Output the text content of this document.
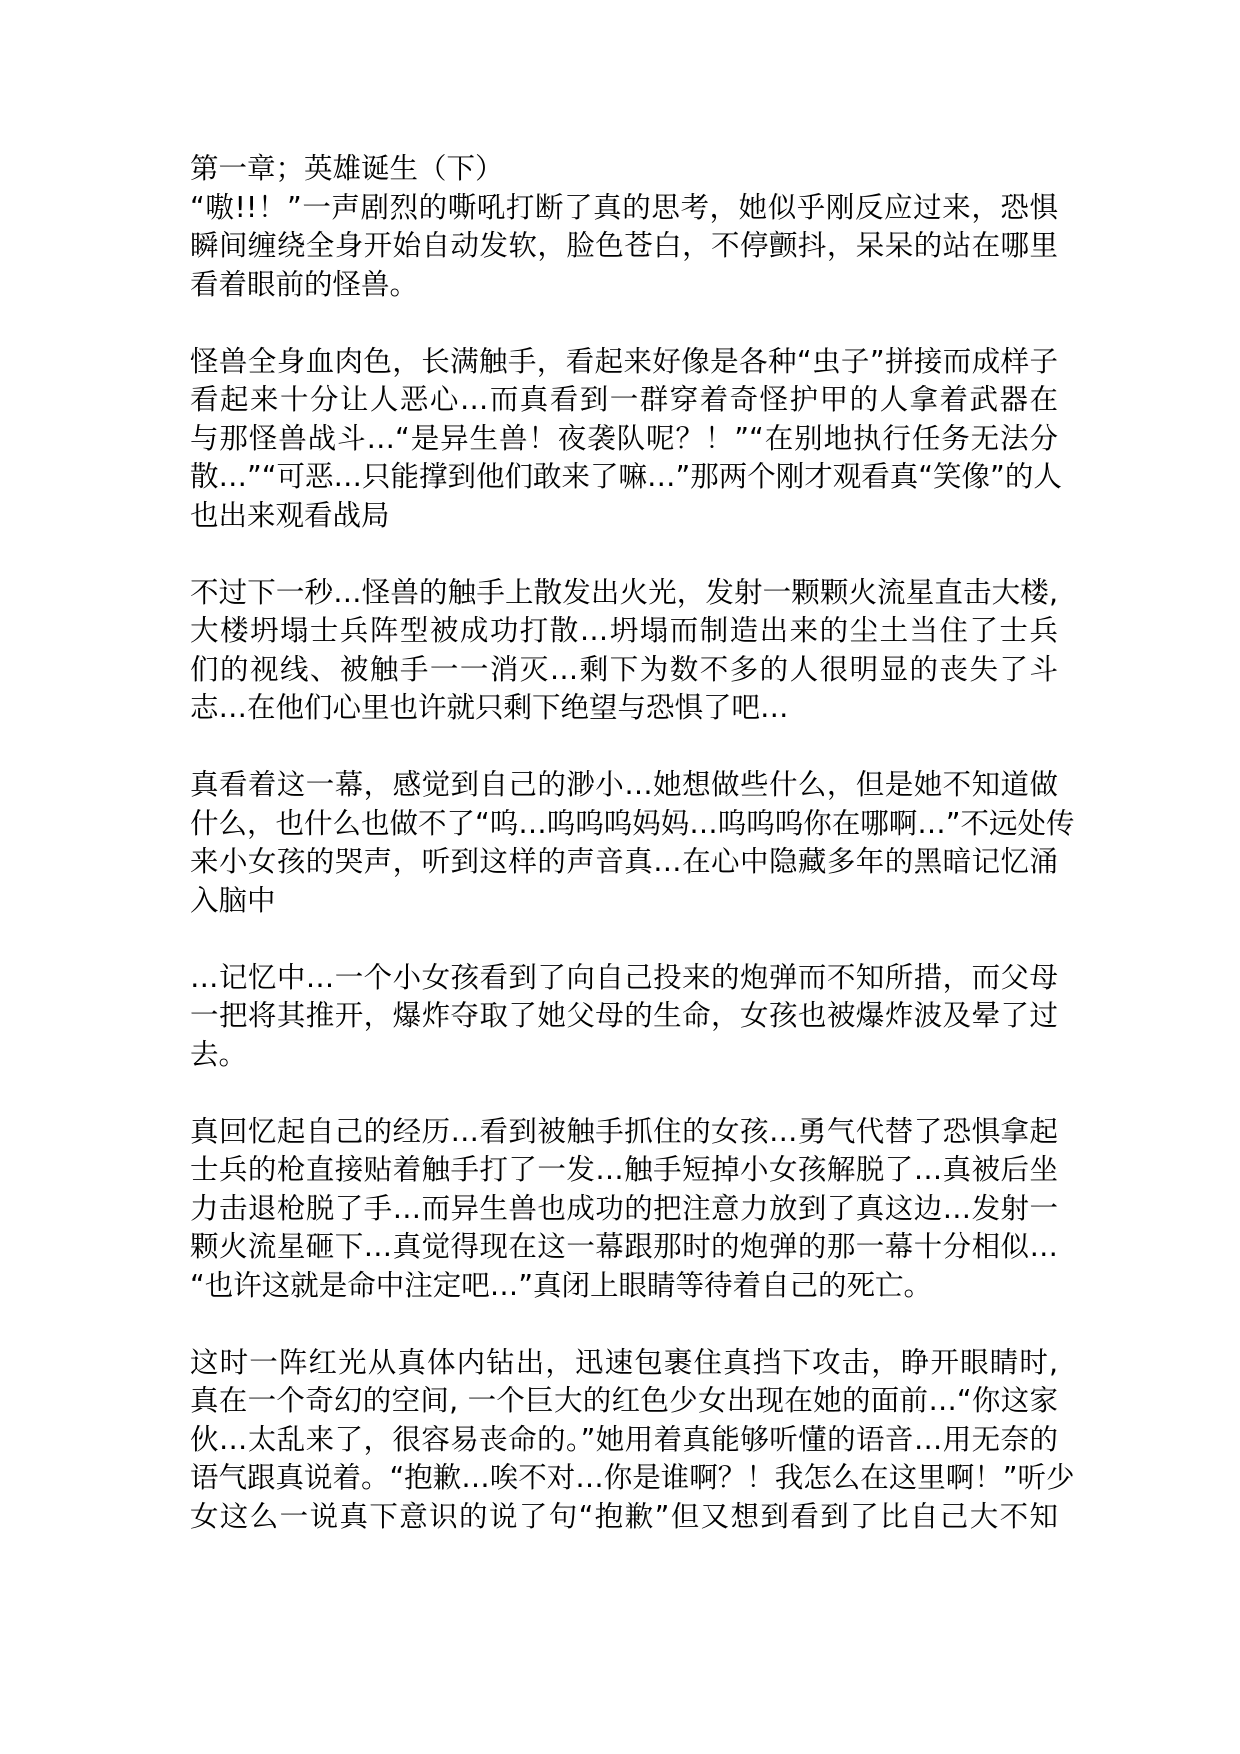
第一章；英雄诞生（下）
“嗷!!！”一声剧烈的嘶吼打断了真的思考，她似乎刚反应过来，恐惧
瞬间缠绕全身开始自动发软，脸色苍白，不停颤抖，呆呆的站在哪里
看着眼前的怪兽。
怪兽全身血肉色，长满触手，看起来好像是各种“虫子”拼接而成样子
看起来十分让人恶心…而真看到一群穿着奇怪护甲的人拿着武器在
与那怪兽战斗…“是异生兽！夜袭队呢？！”“在别地执行任务无法分
散…”“可恶…只能撑到他们敢来了嘛…”那两个刚才观看真“笑像”的人
也出来观看战局
不过下一秒…怪兽的触手上散发出火光，发射一颗颗火流星直击大楼,
大楼坍塌士兵阵型被成功打散…坍塌而制造出来的尘土当住了士兵
们的视线、被触手一一消灭…剩下为数不多的人很明显的丧失了斗
志…在他们心里也许就只剩下绝望与恐惧了吧…
真看着这一幕，感觉到自己的渺小…她想做些什么，但是她不知道做
什么，也什么也做不了“呜…呜呜呜妈妈…呜呜呜你在哪啊…”不远处传
来小女孩的哭声，听到这样的声音真…在心中隐藏多年的黑暗记忆涌
入脑中
…记忆中…一个小女孩看到了向自己投来的炮弹而不知所措，而父母
一把将其推开，爆炸夺取了她父母的生命，女孩也被爆炸波及晕了过
去。
真回忆起自己的经历…看到被触手抓住的女孩…勇气代替了恐惧拿起
士兵的枪直接贴着触手打了一发…触手短掉小女孩解脱了…真被后坐
力击退枪脱了手…而异生兽也成功的把注意力放到了真这边…发射一
颗火流星砸下…真觉得现在这一幕跟那时的炮弹的那一幕十分相似…
“也许这就是命中注定吧…”真闭上眼睛等待着自己的死亡。
这时一阵红光从真体内钻出，迅速包裹住真挡下攻击，睁开眼睛时,
真在一个奇幻的空间, 一个巨大的红色少女出现在她的面前…“你这家
伙…太乱来了，很容易丧命的。”她用着真能够听懂的语音…用无奈的
语气跟真说着。“抱歉…唉不对…你是谁啊？！我怎么在这里啊！”听少
女这么一说真下意识的说了句“抱歉”但又想到看到了比自己大不知
